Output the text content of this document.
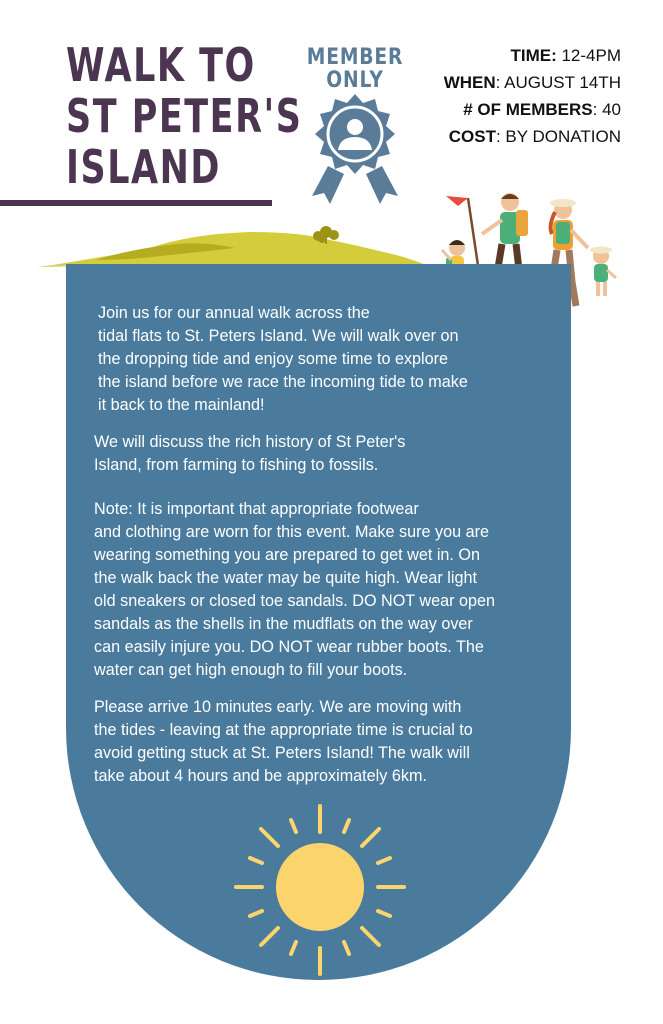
WALK TO
ST PETER'S
ISLAND
MEMBER
ONLY
TIME: 12-4PM
WHEN: AUGUST 14TH
# OF MEMBERS: 40
COST: BY DONATION
Join us for our annual walk across the
tidal flats to St. Peters Island. We will walk over on
the dropping tide and enjoy some time to explore
the island before we race the incoming tide to make
it back to the mainland!
We will discuss the rich history of St Peter's
Island, from farming to fishing to fossils.
Note: It is important that appropriate footwear
and clothing are worn for this event. Make sure you are
wearing something you are prepared to get wet in. On
the walk back the water may be quite high. Wear light
old sneakers or closed toe sandals. DO NOT wear open
sandals as the shells in the mudflats on the way over
can easily injure you. DO NOT wear rubber boots. The
water can get high enough to fill your boots.
Please arrive 10 minutes early. We are moving with
the tides - leaving at the appropriate time is crucial to
avoid getting stuck at St. Peters Island! The walk will
take about 4 hours and be approximately 6km.
